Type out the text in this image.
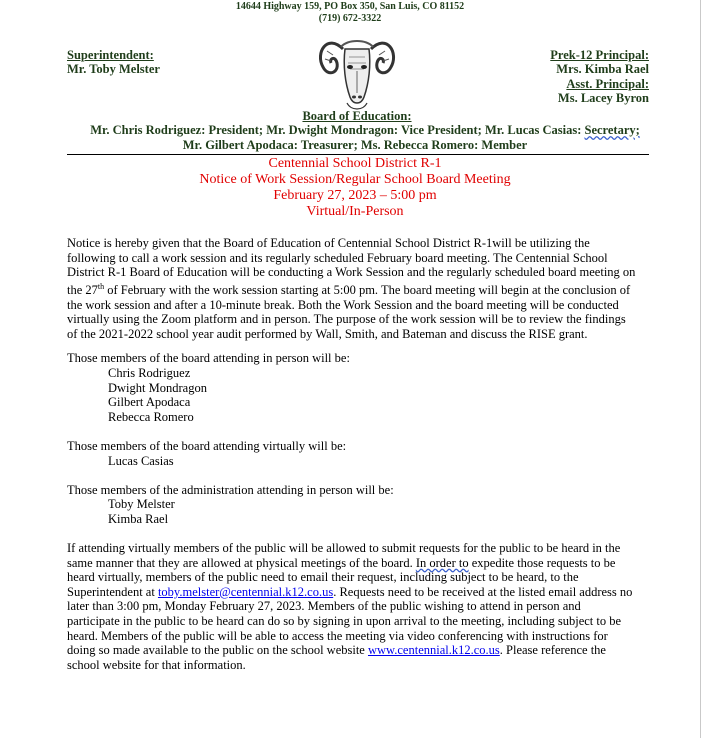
14644 Highway 159, PO Box 350, San Luis, CO 81152
(719) 672-3322
Superintendent:
Mr. Toby Melster
Prek-12 Principal:
Mrs. Kimba Rael
Asst. Principal:
Ms. Lacey Byron
Board of Education:
Mr. Chris Rodriguez: President; Mr. Dwight Mondragon: Vice President; Mr. Lucas Casias: Secretary;
Mr. Gilbert Apodaca: Treasurer; Ms. Rebecca Romero: Member
Centennial School District R-1
Notice of Work Session/Regular School Board Meeting
February 27, 2023 – 5:00 pm
Virtual/In-Person
Notice is hereby given that the Board of Education of Centennial School District R-1will be utilizing the
following to call a work session and its regularly scheduled February board meeting. The Centennial School
District R-1 Board of Education will be conducting a Work Session and the regularly scheduled board meeting on
the 27th of February with the work session starting at 5:00 pm. The board meeting will begin at the conclusion of
the work session and after a 10-minute break. Both the Work Session and the board meeting will be conducted
virtually using the Zoom platform and in person. The purpose of the work session will be to review the findings
of the 2021-2022 school year audit performed by Wall, Smith, and Bateman and discuss the RISE grant.
Those members of the board attending in person will be:
Chris Rodriguez
Dwight Mondragon
Gilbert Apodaca
Rebecca Romero
Those members of the board attending virtually will be:
Lucas Casias
Those members of the administration attending in person will be:
Toby Melster
Kimba Rael
If attending virtually members of the public will be allowed to submit requests for the public to be heard in the
same manner that they are allowed at physical meetings of the board. In order to expedite those requests to be
heard virtually, members of the public need to email their request, including subject to be heard, to the
Superintendent at toby.melster@centennial.k12.co.us. Requests need to be received at the listed email address no
later than 3:00 pm, Monday February 27, 2023. Members of the public wishing to attend in person and
participate in the public to be heard can do so by signing in upon arrival to the meeting, including subject to be
heard. Members of the public will be able to access the meeting via video conferencing with instructions for
doing so made available to the public on the school website www.centennial.k12.co.us. Please reference the
school website for that information.
